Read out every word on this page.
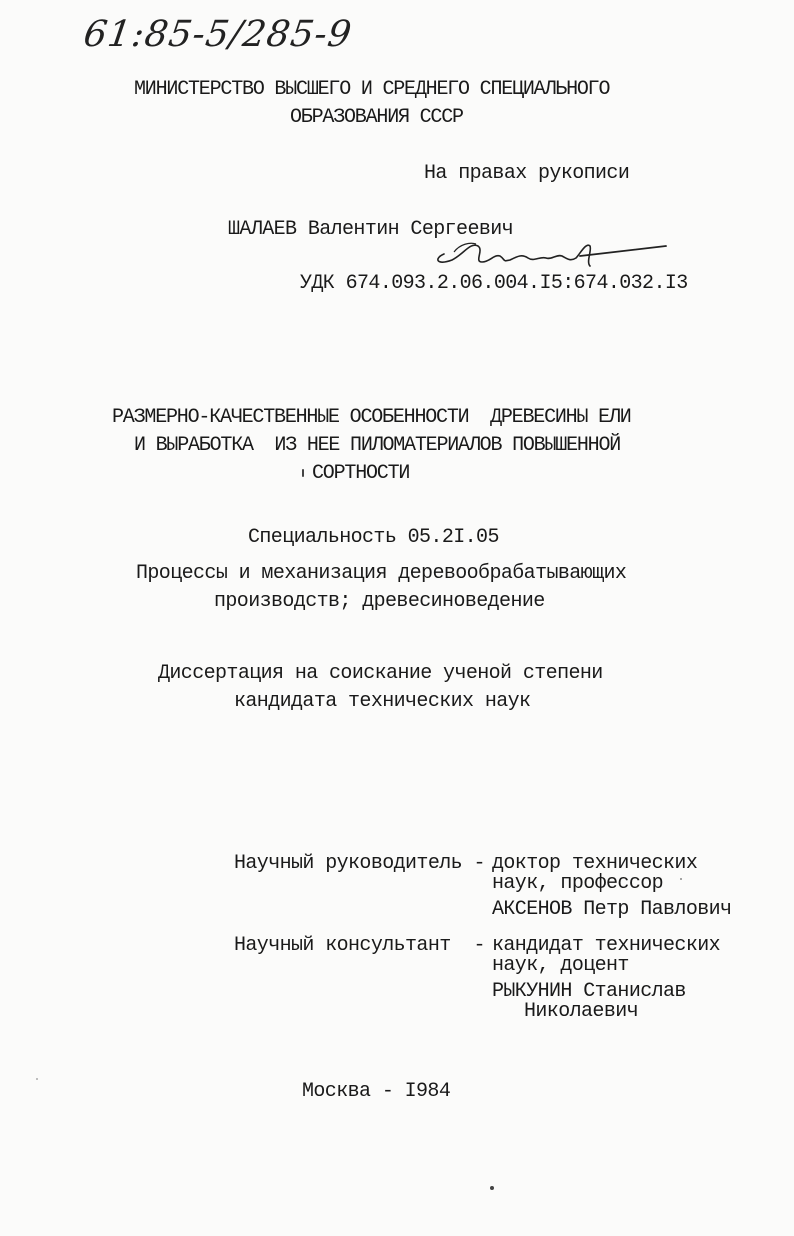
61:85-5/285-9
МИНИСТЕРСТВО ВЫСШЕГО И СРЕДНЕГО СПЕЦИАЛЬНОГО
ОБРАЗОВАНИЯ СССР
На правах рукописи
ШАЛАЕВ Валентин Сергеевич
УДК 674.093.2.06.004.I5:674.032.I3
РАЗМЕРНО-КАЧЕСТВЕННЫЕ ОСОБЕННОСТИ  ДРЕВЕСИНЫ ЕЛИ
И ВЫРАБОТКА  ИЗ НЕЕ ПИЛОМАТЕРИАЛОВ ПОВЫШЕННОЙ
СОРТНОСТИ
Специальность 05.2I.05
Процессы и механизация деревообрабатывающих
производств; древесиноведение
Диссертация на соискание ученой степени
кандидата технических наук
Научный руководитель - доктор технических
наук, профессор
АКСЕНОВ Петр Павлович
Научный консультант  - кандидат технических
наук, доцент
РЫКУНИН Станислав
Николаевич
Москва - I984
